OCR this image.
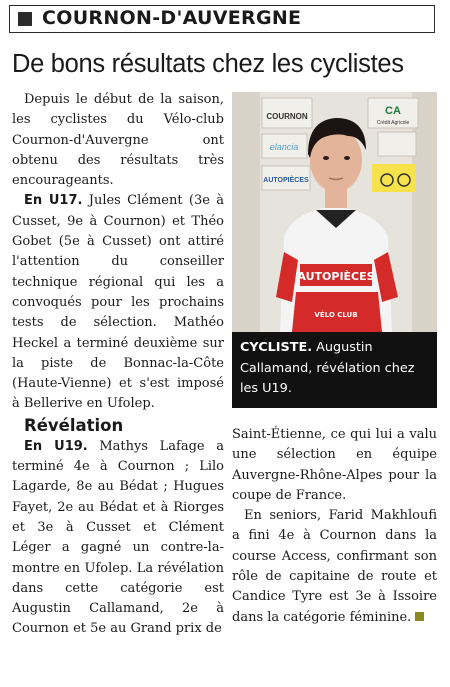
COURNON-D'AUVERGNE
De bons résultats chez les cyclistes

Depuis le début de la saison, les cyclistes du Vélo-club Cournon-d'Auvergne ont obtenu des résultats très encourageants.

En U17. Jules Clément (3e à Cusset, 9e à Cournon) et Théo Gobet (5e à Cusset) ont attiré l'attention du conseiller technique régional qui les a convoqués pour les prochains tests de sélection. Mathéo Heckel a terminé deuxième sur la piste de Bonnac-la-Côte (Haute-Vienne) et s'est imposé à Bellerive en Ufolep.

Révélation

En U19. Mathys Lafage a terminé 4e à Cournon ; Lilo Lagarde, 8e au Bédat ; Hugues Fayet, 2e au Bédat et à Riorges et 3e à Cusset et Clément Léger a gagné un contre-la-montre en Ufolep. La révélation dans cette catégorie est Augustin Callamand, 2e à Cournon et 5e au Grand prix de

COURNON	CA
Crédit Agricole
elancia
AUTOPIÈCES
AUTOPIÈCES
VÉLO CLUB
CYCLISTE. Augustin Callamand, révélation chez les U19.

Saint-Étienne, ce qui lui a valu une sélection en équipe Auvergne-Rhône-Alpes pour la coupe de France.

En seniors, Farid Makhloufi a fini 4e à Cournon dans la course Access, confirmant son rôle de capitaine de route et Candice Tyre est 3e à Issoire dans la catégorie féminine.
